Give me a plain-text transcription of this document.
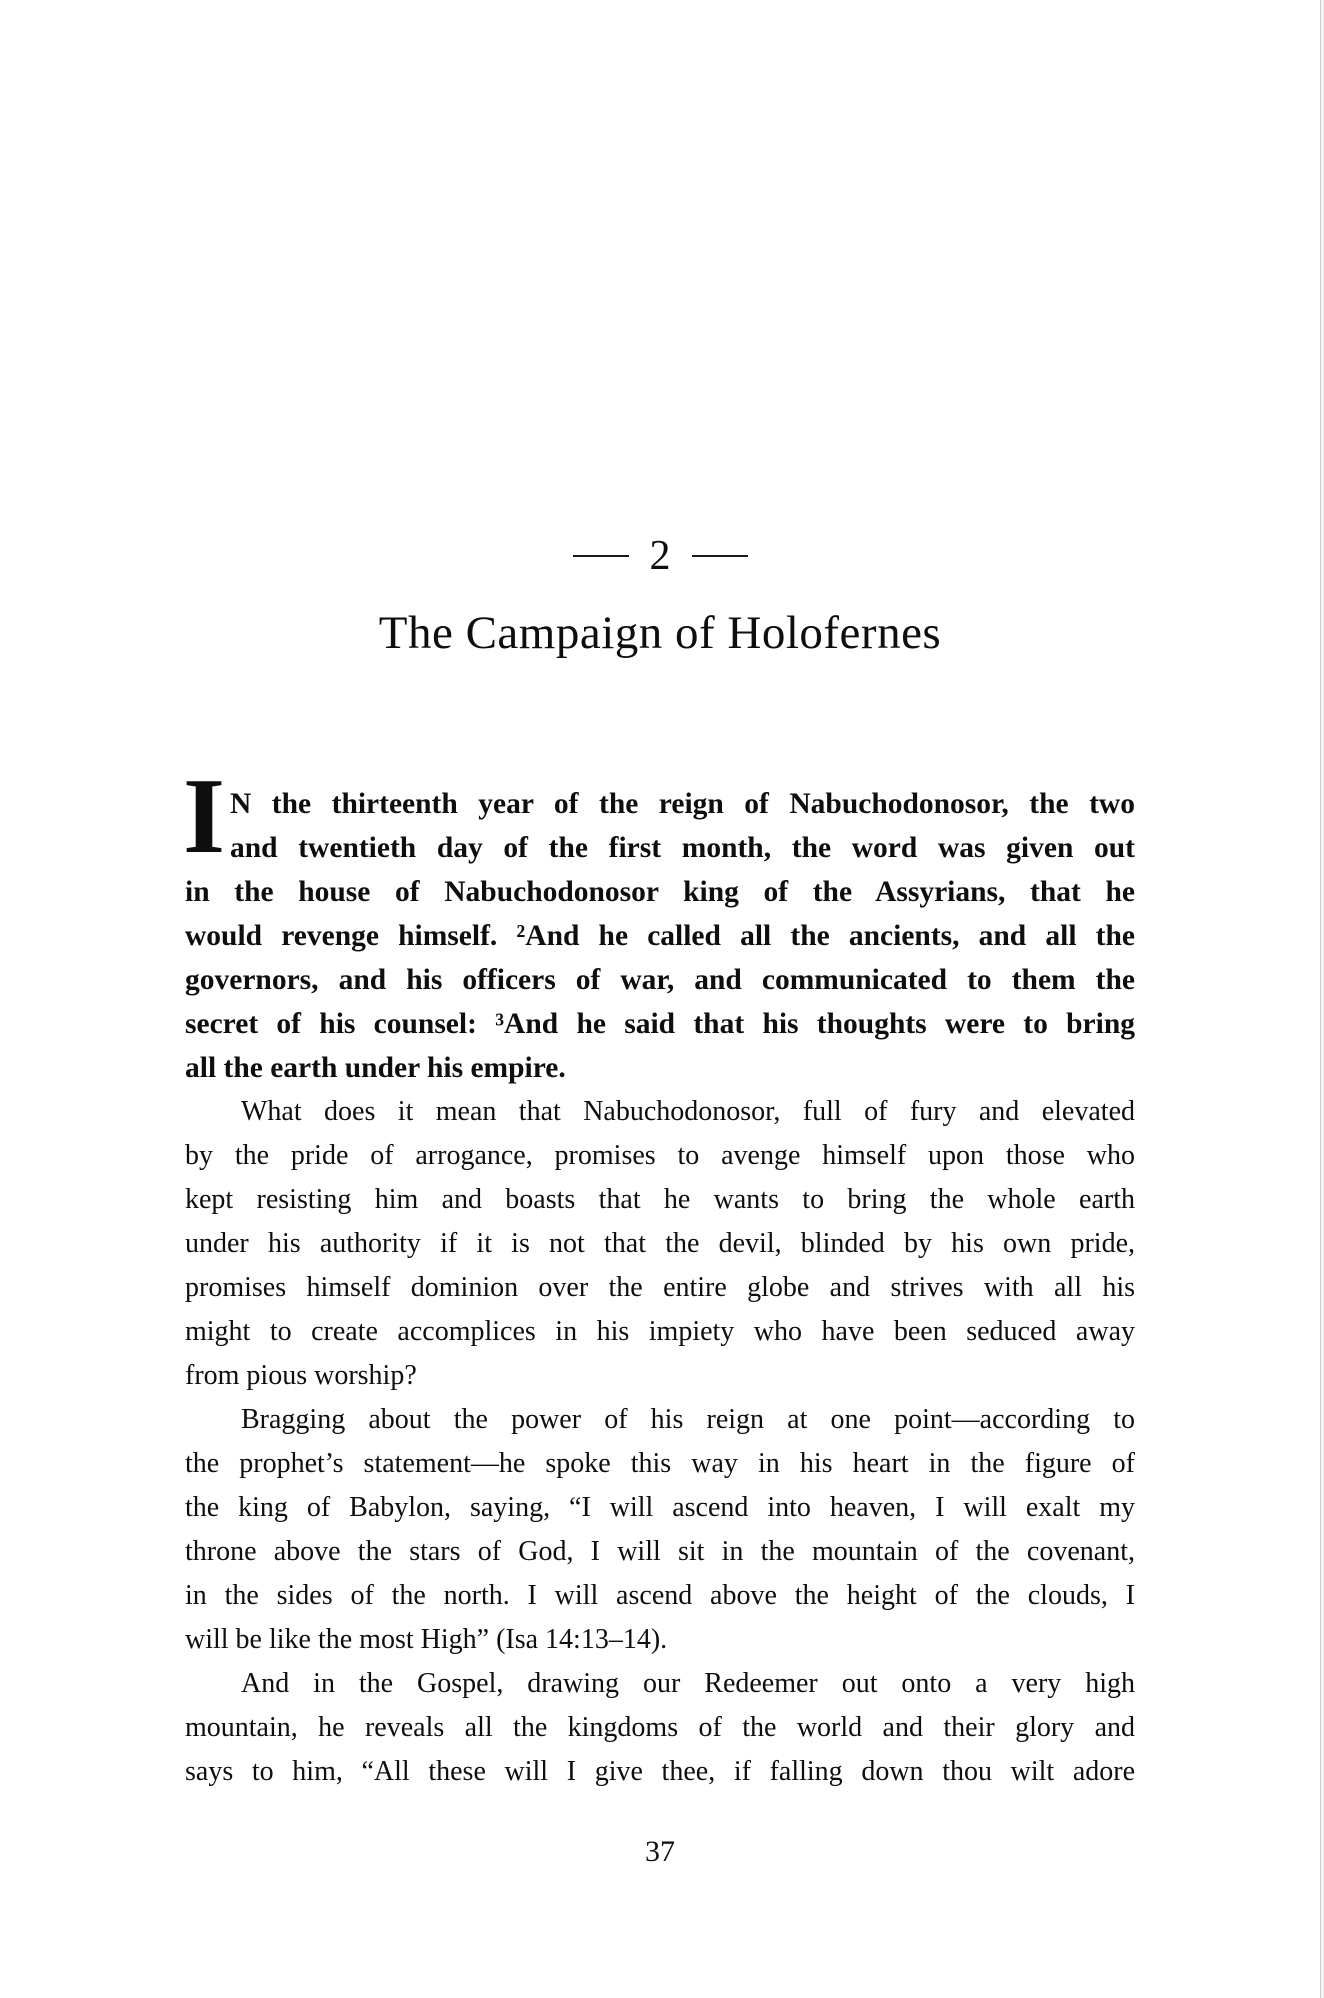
2
The Campaign of Holofernes
I N the thirteenth year of the reign of Nabuchodonosor, the two
and twentieth day of the first month, the word was given out
in the house of Nabuchodonosor king of the Assyrians, that he
would revenge himself. ²And he called all the ancients, and all the
governors, and his officers of war, and communicated to them the
secret of his counsel: ³And he said that his thoughts were to bring
all the earth under his empire.
What does it mean that Nabuchodonosor, full of fury and elevated
by the pride of arrogance, promises to avenge himself upon those who
kept resisting him and boasts that he wants to bring the whole earth
under his authority if it is not that the devil, blinded by his own pride,
promises himself dominion over the entire globe and strives with all his
might to create accomplices in his impiety who have been seduced away
from pious worship?
Bragging about the power of his reign at one point—according to
the prophet’s statement—he spoke this way in his heart in the figure of
the king of Babylon, saying, “I will ascend into heaven, I will exalt my
throne above the stars of God, I will sit in the mountain of the covenant,
in the sides of the north. I will ascend above the height of the clouds, I
will be like the most High” (Isa 14:13–14).
And in the Gospel, drawing our Redeemer out onto a very high
mountain, he reveals all the kingdoms of the world and their glory and
says to him, “All these will I give thee, if falling down thou wilt adore
37
